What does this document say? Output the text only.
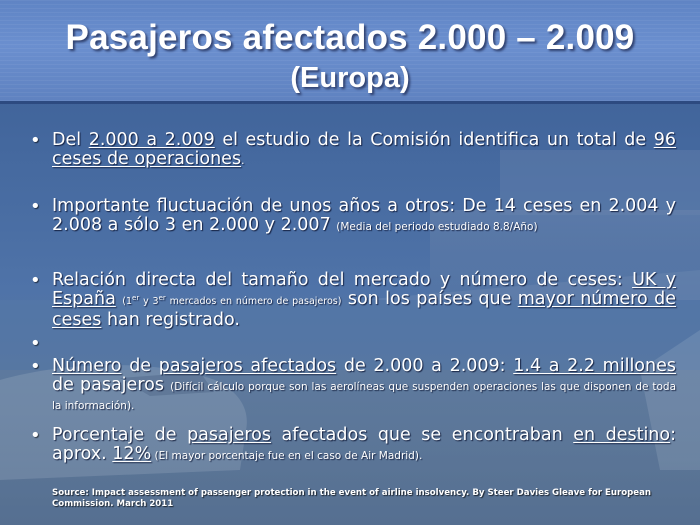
Pasajeros afectados 2.000 – 2.009
(Europa)
• Del 2.000 a 2.009 el estudio de la Comisión identifica un total de 96 ceses de operaciones.
• Importante fluctuación de unos años a otros: De 14 ceses en 2.004 y 2.008 a sólo 3 en 2.000 y 2.007 (Media del periodo estudiado 8.8/Año)
• Relación directa del tamaño del mercado y número de ceses: UK y España (1er y 3er mercados en número de pasajeros) son los países que mayor número de ceses han registrado.
•
• Número de pasajeros afectados de 2.000 a 2.009: 1.4 a 2.2 millones de pasajeros (Difícil cálculo porque son las aerolíneas que suspenden operaciones las que disponen de toda la información).
• Porcentaje de pasajeros afectados que se encontraban en destino: aprox. 12% (El mayor porcentaje fue en el caso de Air Madrid).
Source: Impact assessment of passenger protection in the event of airline insolvency. By Steer Davies Gleave for European Commission. March 2011
